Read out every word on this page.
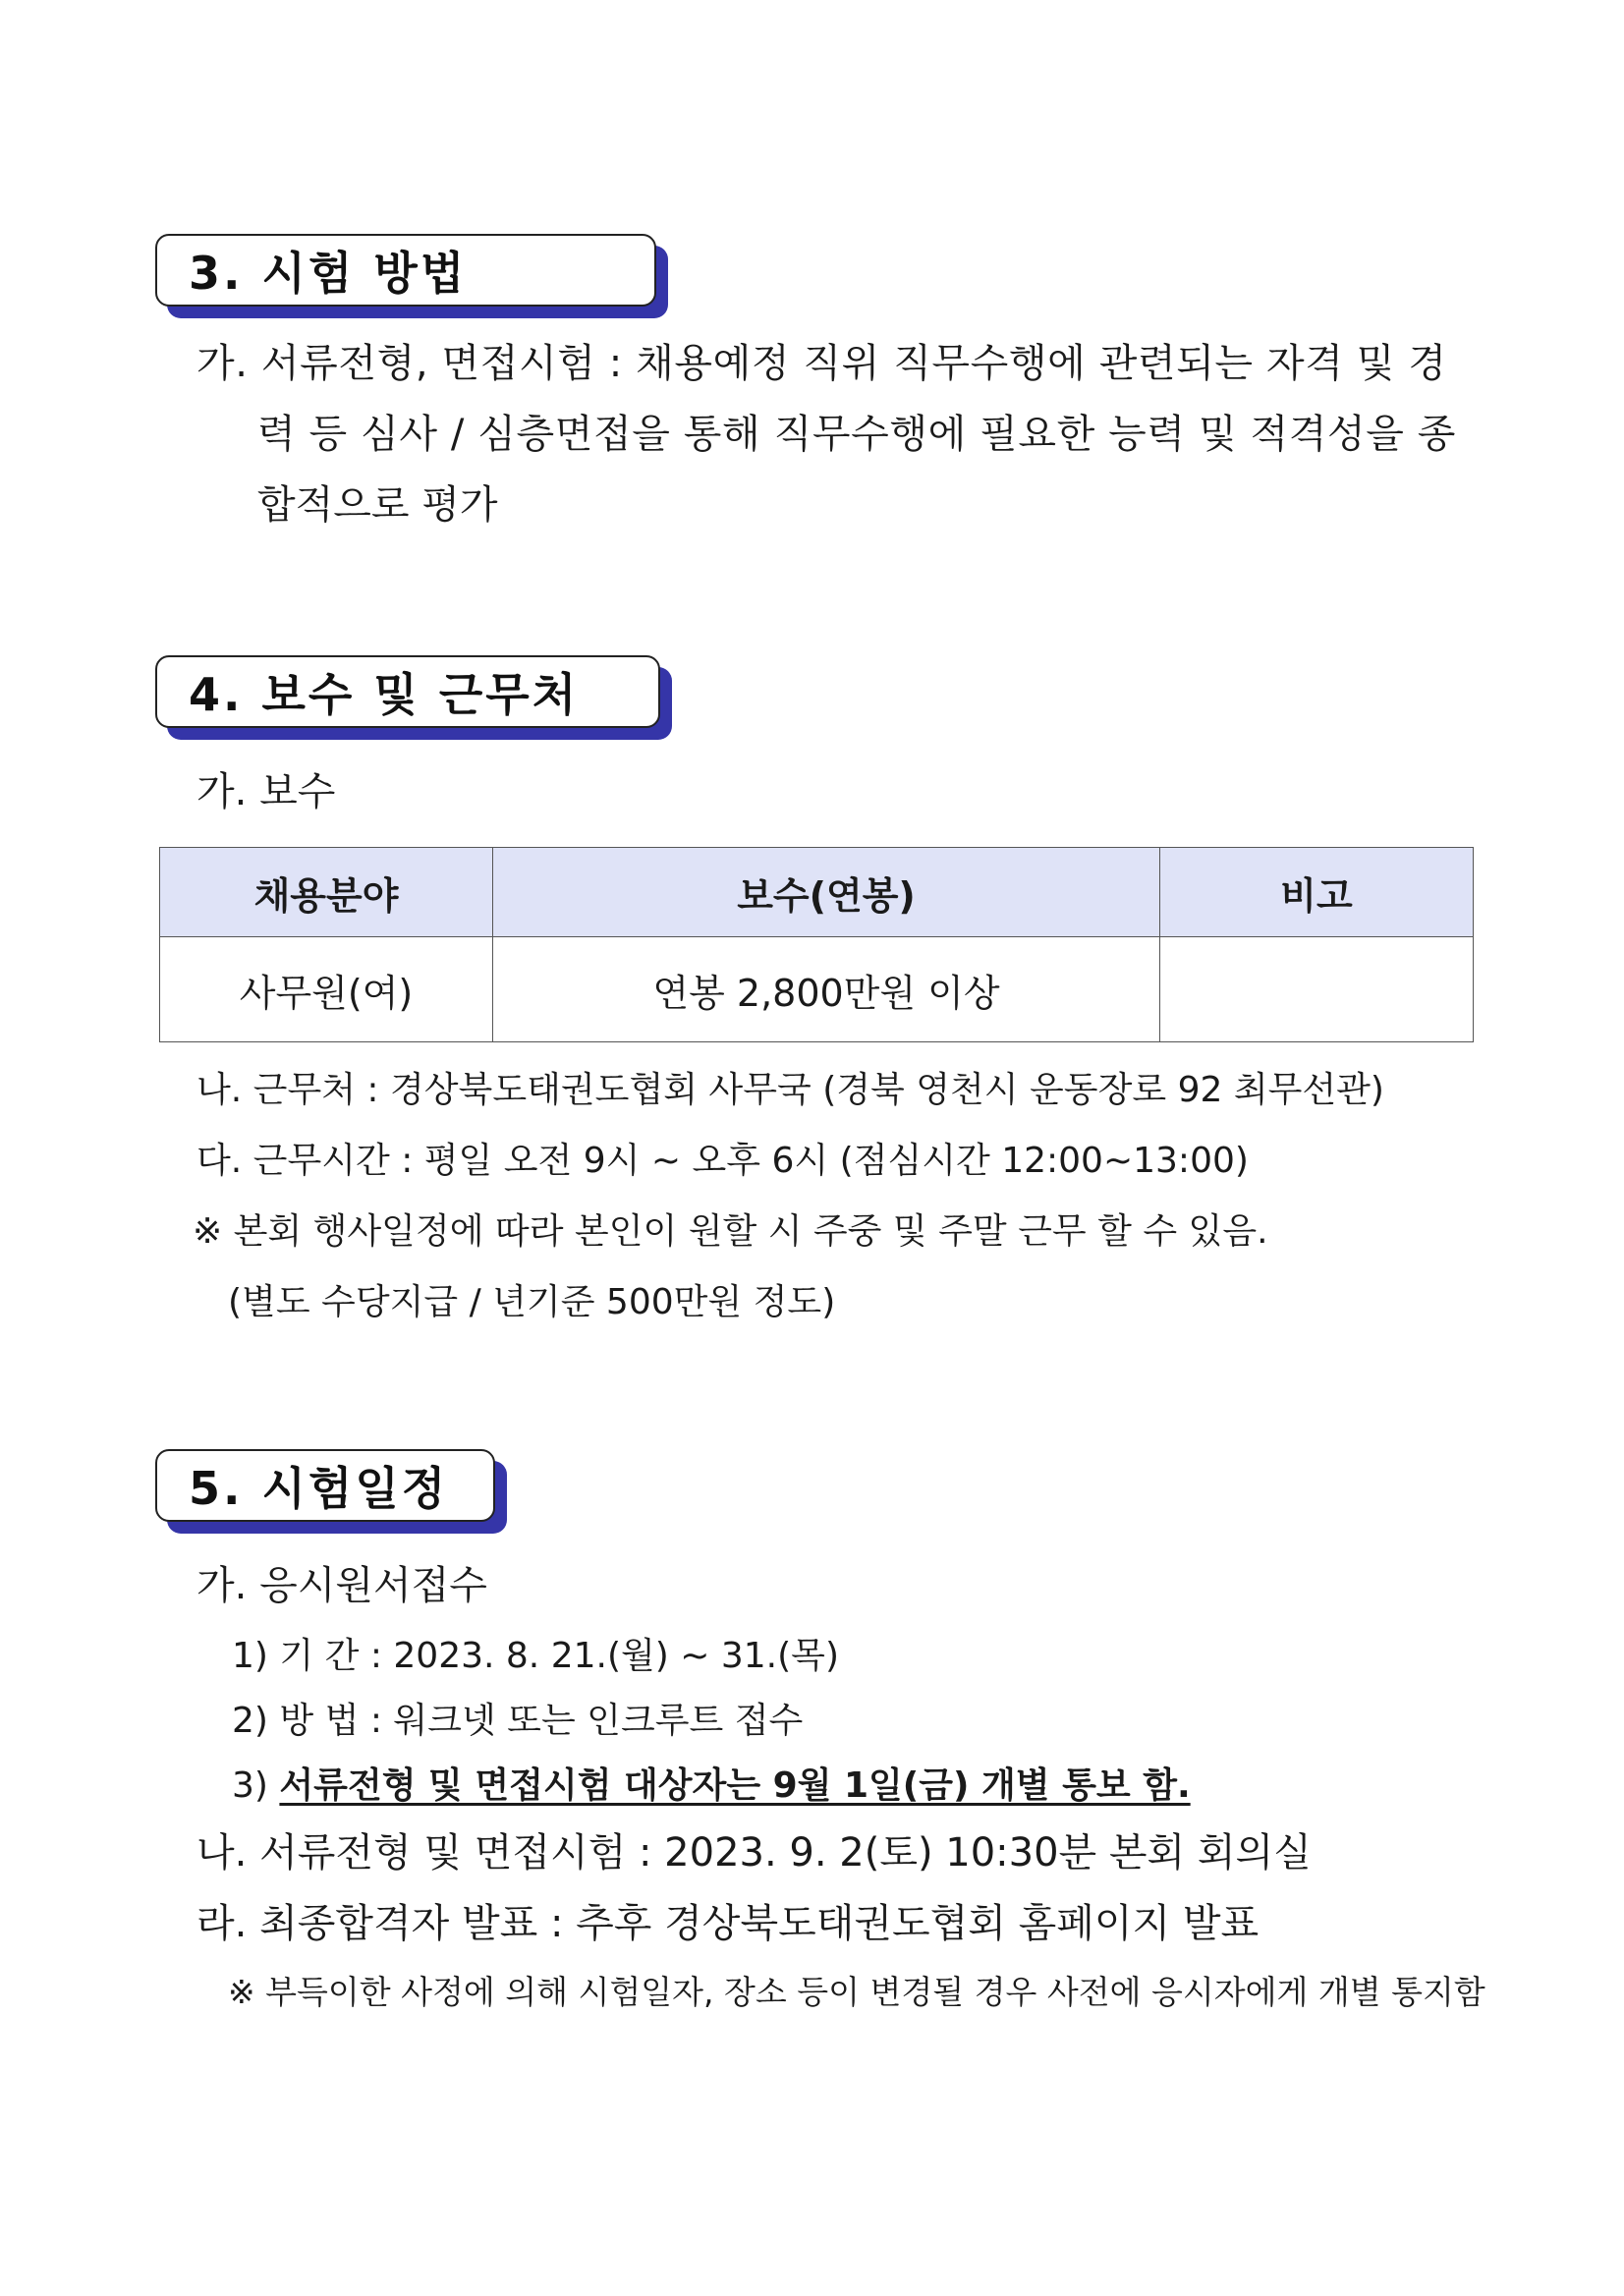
3. 시험 방법
가. 서류전형, 면접시험 : 채용예정 직위 직무수행에 관련되는 자격 및 경
력 등 심사 / 심층면접을 통해 직무수행에 필요한 능력 및 적격성을 종
합적으로 평가
4. 보수 및 근무처
가. 보수
채용분야	보수(연봉)	비고
사무원(여)	연봉 2,800만원 이상	
나. 근무처 : 경상북도태권도협회 사무국 (경북 영천시 운동장로 92 최무선관)
다. 근무시간 : 평일 오전 9시 ~ 오후 6시 (점심시간 12:00~13:00)
※ 본회 행사일정에 따라 본인이 원할 시 주중 및 주말 근무 할 수 있음.
(별도 수당지급 / 년기준 500만원 정도)
5. 시험일정
가. 응시원서접수
1) 기 간 : 2023. 8. 21.(월) ~ 31.(목)
2) 방 법 : 워크넷 또는 인크루트 접수
3) 서류전형 및 면접시험 대상자는 9월 1일(금) 개별 통보 함.
나. 서류전형 및 면접시험 : 2023. 9. 2(토) 10:30분 본회 회의실
라. 최종합격자 발표 : 추후 경상북도태권도협회 홈페이지 발표
※ 부득이한 사정에 의해 시험일자, 장소 등이 변경될 경우 사전에 응시자에게 개별 통지함
